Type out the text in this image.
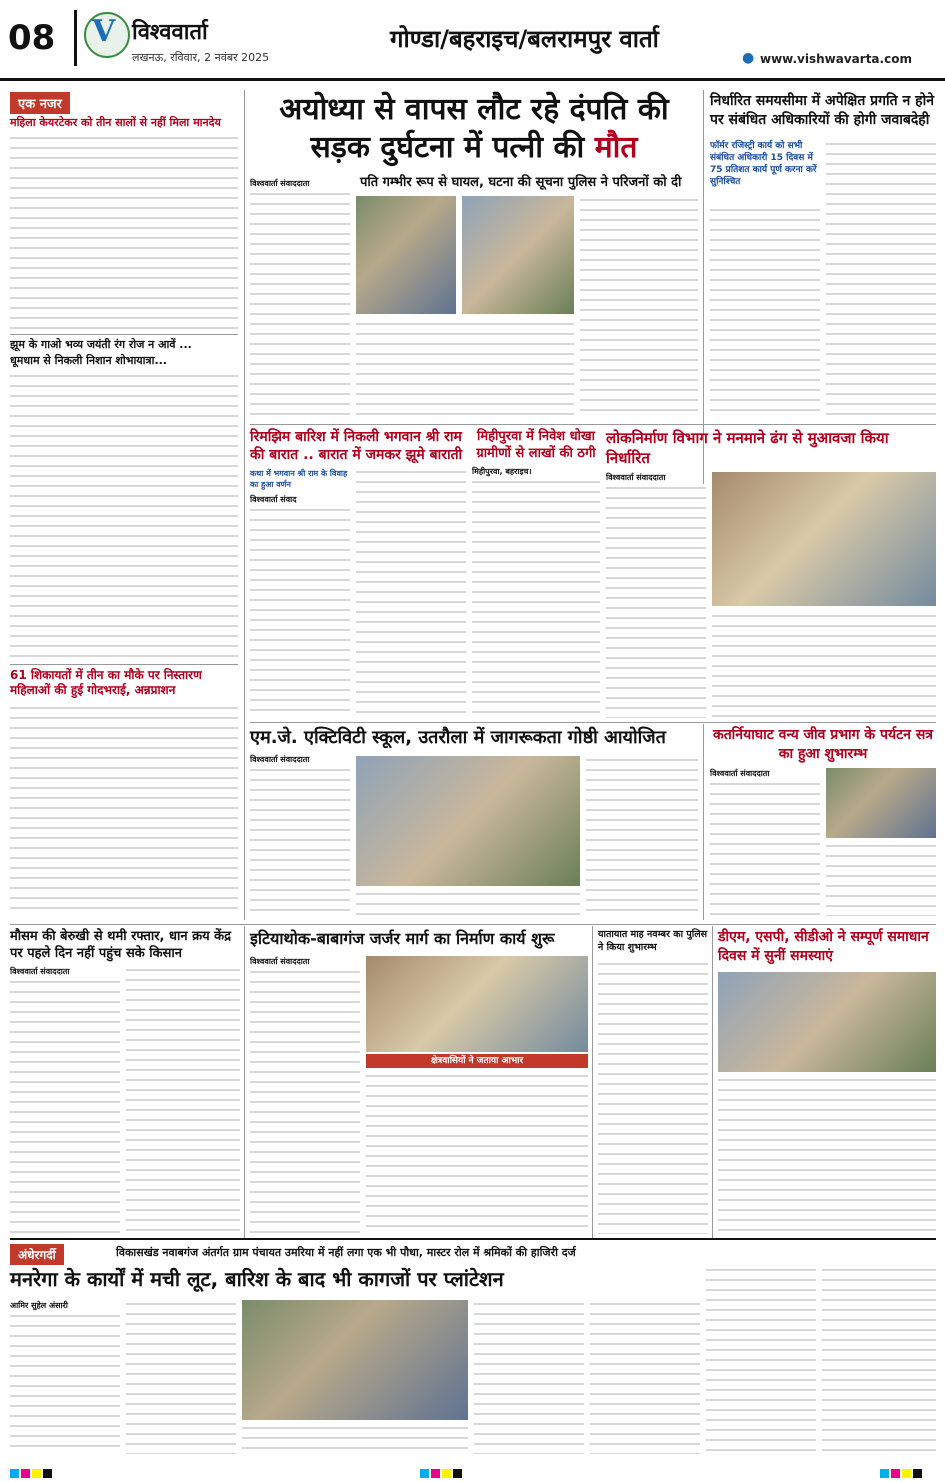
08 V विश्ववार्ता
लखनऊ, रविवार, 2 नवंबर 2025
गोण्डा/बहराइच/बलरामपुर वार्ता
● www.vishwavarta.com
एक नजर
महिला केयरटेकर को तीन सालों से नहीं मिला मानदेय
झूम के गाओ भव्य जयंती रंग रोज न आवें ...
धूमधाम से निकली निशान शोभायात्रा...
61 शिकायतों में तीन का मौके पर निस्तारण महिलाओं की हुई गोदभराई, अन्नप्राशन
अयोध्या से वापस लौट रहे दंपति की
सड़क दुर्घटना में पत्नी की मौत
पति गम्भीर रूप से घायल, घटना की सूचना पुलिस ने परिजनों को दी
विश्ववार्ता संवाददाता
निर्धारित समयसीमा में अपेक्षित प्रगति न होने पर संबंधित अधिकारियों की होगी जवाबदेही
फॉर्मर रजिस्ट्री कार्य को सभी संबंधित अधिकारी 15 दिवस में 75 प्रतिशत कार्य पूर्ण करना करें सुनिश्चित
रिमझिम बारिश में निकली भगवान श्री राम की बारात .. बारात में जमकर झूमे बाराती
कथा में भगवान श्री राम के विवाह का हुआ वर्णन
विश्ववार्ता संवाद
मिहीपुरवा में निवेश धोखा ग्रामीणों से लाखों की ठगी
मिहीपुरवा, बहराइच।
लोकनिर्माण विभाग ने मनमाने ढंग से मुआवजा किया निर्धारित
विश्ववार्ता संवाददाता
एम.जे. एक्टिविटी स्कूल, उतरौला में जागरूकता गोष्ठी आयोजित
विश्ववार्ता संवाददाता
कतर्नियाघाट वन्य जीव प्रभाग के पर्यटन सत्र का हुआ शुभारम्भ
विश्ववार्ता संवाददाता
मौसम की बेरुखी से थमी रफ्तार, धान क्रय केंद्र पर पहले दिन नहीं पहुंच सके किसान
विश्ववार्ता संवाददाता
इटियाथोक-बाबागंज जर्जर मार्ग का निर्माण कार्य शुरू
विश्ववार्ता संवाददाता
क्षेत्रवासियों ने जताया आभार
यातायात माह नवम्बर का पुलिस ने किया शुभारम्भ
डीएम, एसपी, सीडीओ ने सम्पूर्ण समाधान दिवस में सुनीं समस्याएं
अंधेरगर्दी	विकासखंड नवाबगंज अंतर्गत ग्राम पंचायत उमरिया में नहीं लगा एक भी पौधा, मास्टर रोल में श्रमिकों की हाजिरी दर्ज
मनरेगा के कार्यों में मची लूट, बारिश के बाद भी कागजों पर प्लांटेशन
आमिर सुहेल अंसारी
